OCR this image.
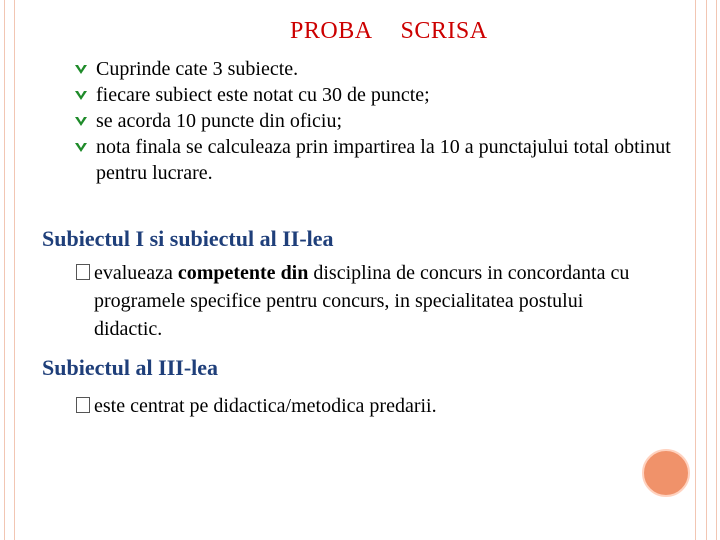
PROBA SCRISA
Cuprinde cate 3 subiecte.
fiecare subiect este notat cu 30 de puncte;
se acorda 10 puncte din oficiu;
nota finala se calculeaza prin impartirea la 10 a punctajului total obtinut pentru lucrare.
Subiectul I si subiectul al II-lea
evalueaza competente din disciplina de concurs in concordanta cu programele specifice pentru concurs, in specialitatea postului didactic.
Subiectul al III-lea
este centrat pe didactica/metodica predarii.
